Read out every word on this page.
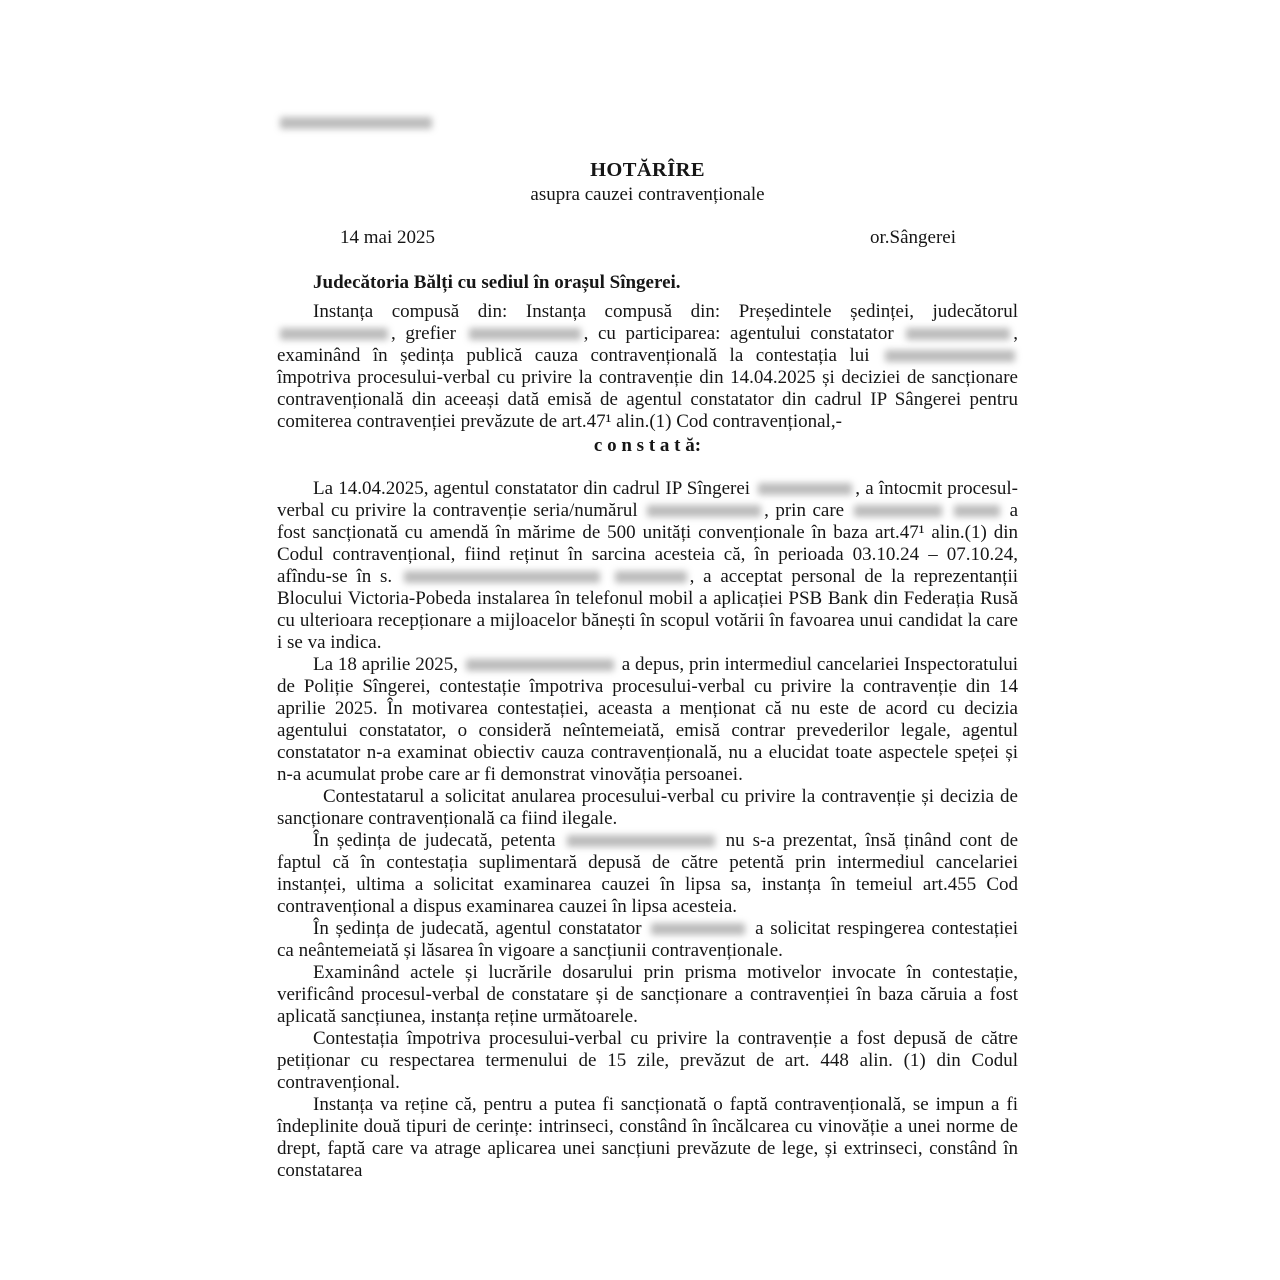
HOTĂRÎRE
asupra cauzei contravenționale
14 mai 2025	or.Sângerei
Judecătoria Bălți cu sediul în orașul Sîngerei.

Instanța compusă din: Instanța compusă din: Președintele ședinței, judecătorul , grefier	, cu participarea: agentului constatator	, examinând în ședința publică cauza contravențională la contestația lui  împotriva procesului-verbal cu privire la contravenție din 14.04.2025 și deciziei de sancționare contravențională din aceeași dată emisă de agentul constatator din cadrul IP Sângerei pentru comiterea contravenției prevăzute de art.47¹ alin.(1) Cod contravențional,-

c o n s t a t ă:

La 14.04.2025, agentul constatator din cadrul IP Sîngerei	, a întocmit procesul-verbal cu privire la contravenție seria/numărul	, prin care	a fost sancționată cu amendă în mărime de 500 unități convenționale în baza art.47¹ alin.(1) din Codul contravențional, fiind reținut în sarcina acesteia că, în perioada 03.10.24 – 07.10.24, afîndu-se în s.	, a acceptat personal de la reprezentanții Blocului Victoria-Pobeda instalarea în telefonul mobil a aplicației PSB Bank din Federația Rusă cu ulterioara recepționare a mijloacelor bănești în scopul votării în favoarea unui candidat la care i se va indica.

La 18 aprilie 2025,	a depus, prin intermediul cancelariei Inspectoratului de Poliție Sîngerei, contestație împotriva procesului-verbal cu privire la contravenție din 14 aprilie 2025. În motivarea contestației, aceasta a menționat că nu este de acord cu decizia agentului constatator, o consideră neîntemeiată, emisă contrar prevederilor legale, agentul constatator n-a examinat obiectiv cauza contravențională, nu a elucidat toate aspectele speței și n-a acumulat probe care ar fi demonstrat vinovăția persoanei.

Contestatarul a solicitat anularea procesului-verbal cu privire la contravenție și decizia de sancționare contravențională ca fiind ilegale.

În ședința de judecată, petenta	nu s-a prezentat, însă ținând cont de faptul că în contestația suplimentară depusă de către petentă prin intermediul cancelariei instanței, ultima a solicitat examinarea cauzei în lipsa sa, instanța în temeiul art.455 Cod contravențional a dispus examinarea cauzei în lipsa acesteia.

În ședința de judecată, agentul constatator	a solicitat respingerea contestației ca neântemeiată și lăsarea în vigoare a sancțiunii contravenționale.

Examinând actele și lucrările dosarului prin prisma motivelor invocate în contestație, verificând procesul-verbal de constatare și de sancționare a contravenției în baza căruia a fost aplicată sancțiunea, instanța reține următoarele.

Contestația împotriva procesului-verbal cu privire la contravenție a fost depusă de către petiționar cu respectarea termenului de 15 zile, prevăzut de art. 448 alin. (1) din Codul contravențional.

Instanța va reține că, pentru a putea fi sancționată o faptă contravențională, se impun a fi îndeplinite două tipuri de cerințe: intrinseci, constând în încălcarea cu vinovăție a unei norme de drept, faptă care va atrage aplicarea unei sancțiuni prevăzute de lege, și extrinseci, constând în constatarea
